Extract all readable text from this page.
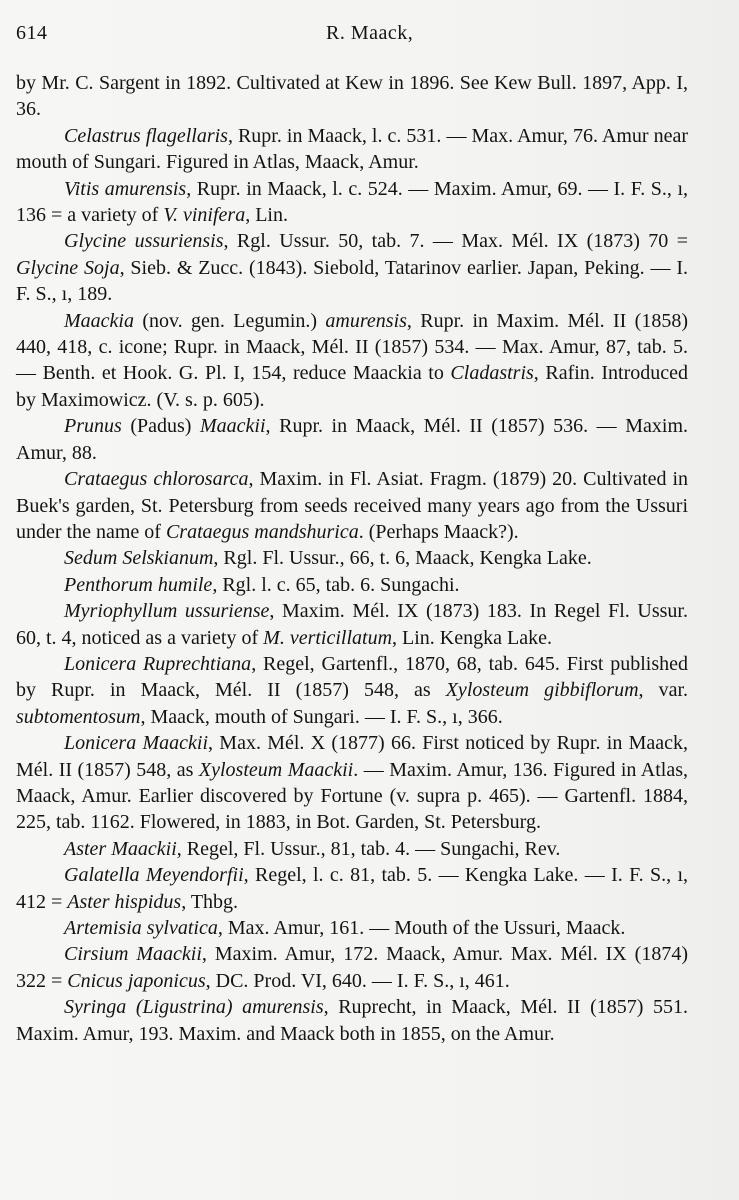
614	R. Maack,

by Mr. C. Sargent in 1892. Cultivated at Kew in 1896. See Kew Bull. 1897, App. I, 36.

Celastrus flagellaris, Rupr. in Maack, l. c. 531. — Max. Amur, 76. Amur near mouth of Sungari. Figured in Atlas, Maack, Amur.

Vitis amurensis, Rupr. in Maack, l. c. 524. — Maxim. Amur, 69. — I. F. S., ı, 136 = a variety of V. vinifera, Lin.

Glycine ussuriensis, Rgl. Ussur. 50, tab. 7. — Max. Mél. IX (1873) 70 = Glycine Soja, Sieb. & Zucc. (1843). Siebold, Tatarinov earlier. Japan, Peking. — I. F. S., ı, 189.

Maackia (nov. gen. Legumin.) amurensis, Rupr. in Maxim. Mél. II (1858) 440, 418, c. icone; Rupr. in Maack, Mél. II (1857) 534. — Max. Amur, 87, tab. 5. — Benth. et Hook. G. Pl. I, 154, reduce Maackia to Cladastris, Rafin. Introduced by Maximowicz. (V. s. p. 605).

Prunus (Padus) Maackii, Rupr. in Maack, Mél. II (1857) 536. — Maxim. Amur, 88.

Crataegus chlorosarca, Maxim. in Fl. Asiat. Fragm. (1879) 20. Cultivated in Buek's garden, St. Petersburg from seeds received many years ago from the Ussuri under the name of Crataegus mandshurica. (Perhaps Maack?).

Sedum Selskianum, Rgl. Fl. Ussur., 66, t. 6, Maack, Kengka Lake.

Penthorum humile, Rgl. l. c. 65, tab. 6. Sungachi.

Myriophyllum ussuriense, Maxim. Mél. IX (1873) 183. In Regel Fl. Ussur. 60, t. 4, noticed as a variety of M. verticillatum, Lin. Kengka Lake.

Lonicera Ruprechtiana, Regel, Gartenfl., 1870, 68, tab. 645. First published by Rupr. in Maack, Mél. II (1857) 548, as Xylosteum gibbiflorum, var. subtomentosum, Maack, mouth of Sungari. — I. F. S., ı, 366.

Lonicera Maackii, Max. Mél. X (1877) 66. First noticed by Rupr. in Maack, Mél. II (1857) 548, as Xylosteum Maackii. — Maxim. Amur, 136. Figured in Atlas, Maack, Amur. Earlier discovered by Fortune (v. supra p. 465). — Gartenfl. 1884, 225, tab. 1162. Flowered, in 1883, in Bot. Garden, St. Petersburg.

Aster Maackii, Regel, Fl. Ussur., 81, tab. 4. — Sungachi, Rev.

Galatella Meyendorfii, Regel, l. c. 81, tab. 5. — Kengka Lake. — I. F. S., ı, 412 = Aster hispidus, Thbg.

Artemisia sylvatica, Max. Amur, 161. — Mouth of the Ussuri, Maack.

Cirsium Maackii, Maxim. Amur, 172. Maack, Amur. Max. Mél. IX (1874) 322 = Cnicus japonicus, DC. Prod. VI, 640. — I. F. S., ı, 461.

Syringa (Ligustrina) amurensis, Ruprecht, in Maack, Mél. II (1857) 551. Maxim. Amur, 193. Maxim. and Maack both in 1855, on the Amur.
